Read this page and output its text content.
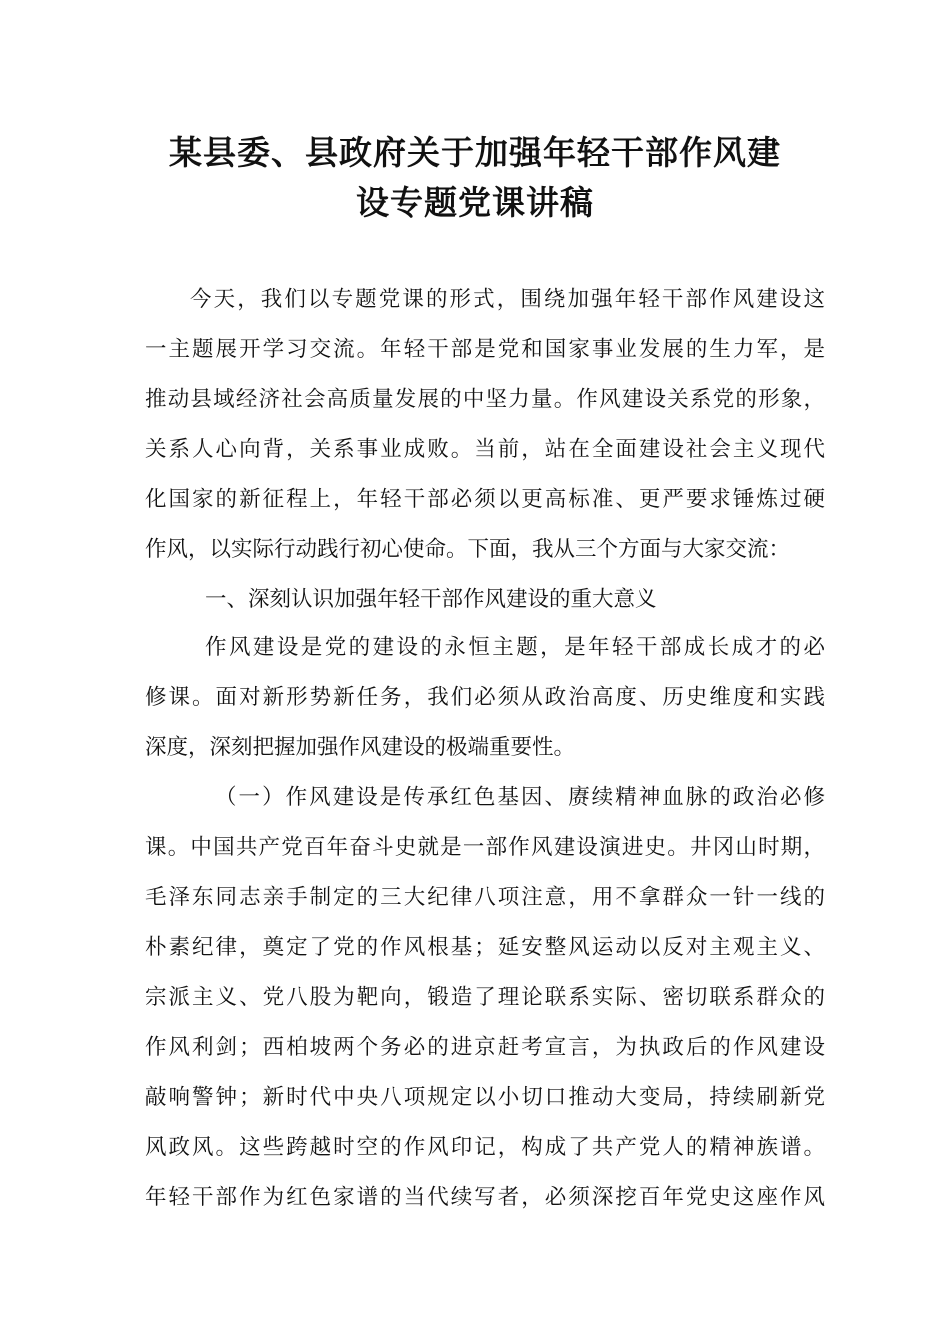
某县委、县政府关于加强年轻干部作风建
设专题党课讲稿
今天，我们以专题党课的形式，围绕加强年轻干部作风建设这
一主题展开学习交流。年轻干部是党和国家事业发展的生力军，是
推动县域经济社会高质量发展的中坚力量。作风建设关系党的形象，
关系人心向背，关系事业成败。当前，站在全面建设社会主义现代
化国家的新征程上，年轻干部必须以更高标准、更严要求锤炼过硬
作风，以实际行动践行初心使命。下面，我从三个方面与大家交流：
一、深刻认识加强年轻干部作风建设的重大意义
作风建设是党的建设的永恒主题，是年轻干部成长成才的必
修课。面对新形势新任务，我们必须从政治高度、历史维度和实践
深度，深刻把握加强作风建设的极端重要性。
（一）作风建设是传承红色基因、赓续精神血脉的政治必修
课。中国共产党百年奋斗史就是一部作风建设演进史。井冈山时期，
毛泽东同志亲手制定的三大纪律八项注意，用不拿群众一针一线的
朴素纪律，奠定了党的作风根基；延安整风运动以反对主观主义、
宗派主义、党八股为靶向，锻造了理论联系实际、密切联系群众的
作风利剑；西柏坡两个务必的进京赶考宣言，为执政后的作风建设
敲响警钟；新时代中央八项规定以小切口推动大变局，持续刷新党
风政风。这些跨越时空的作风印记，构成了共产党人的精神族谱。
年轻干部作为红色家谱的当代续写者，必须深挖百年党史这座作风
